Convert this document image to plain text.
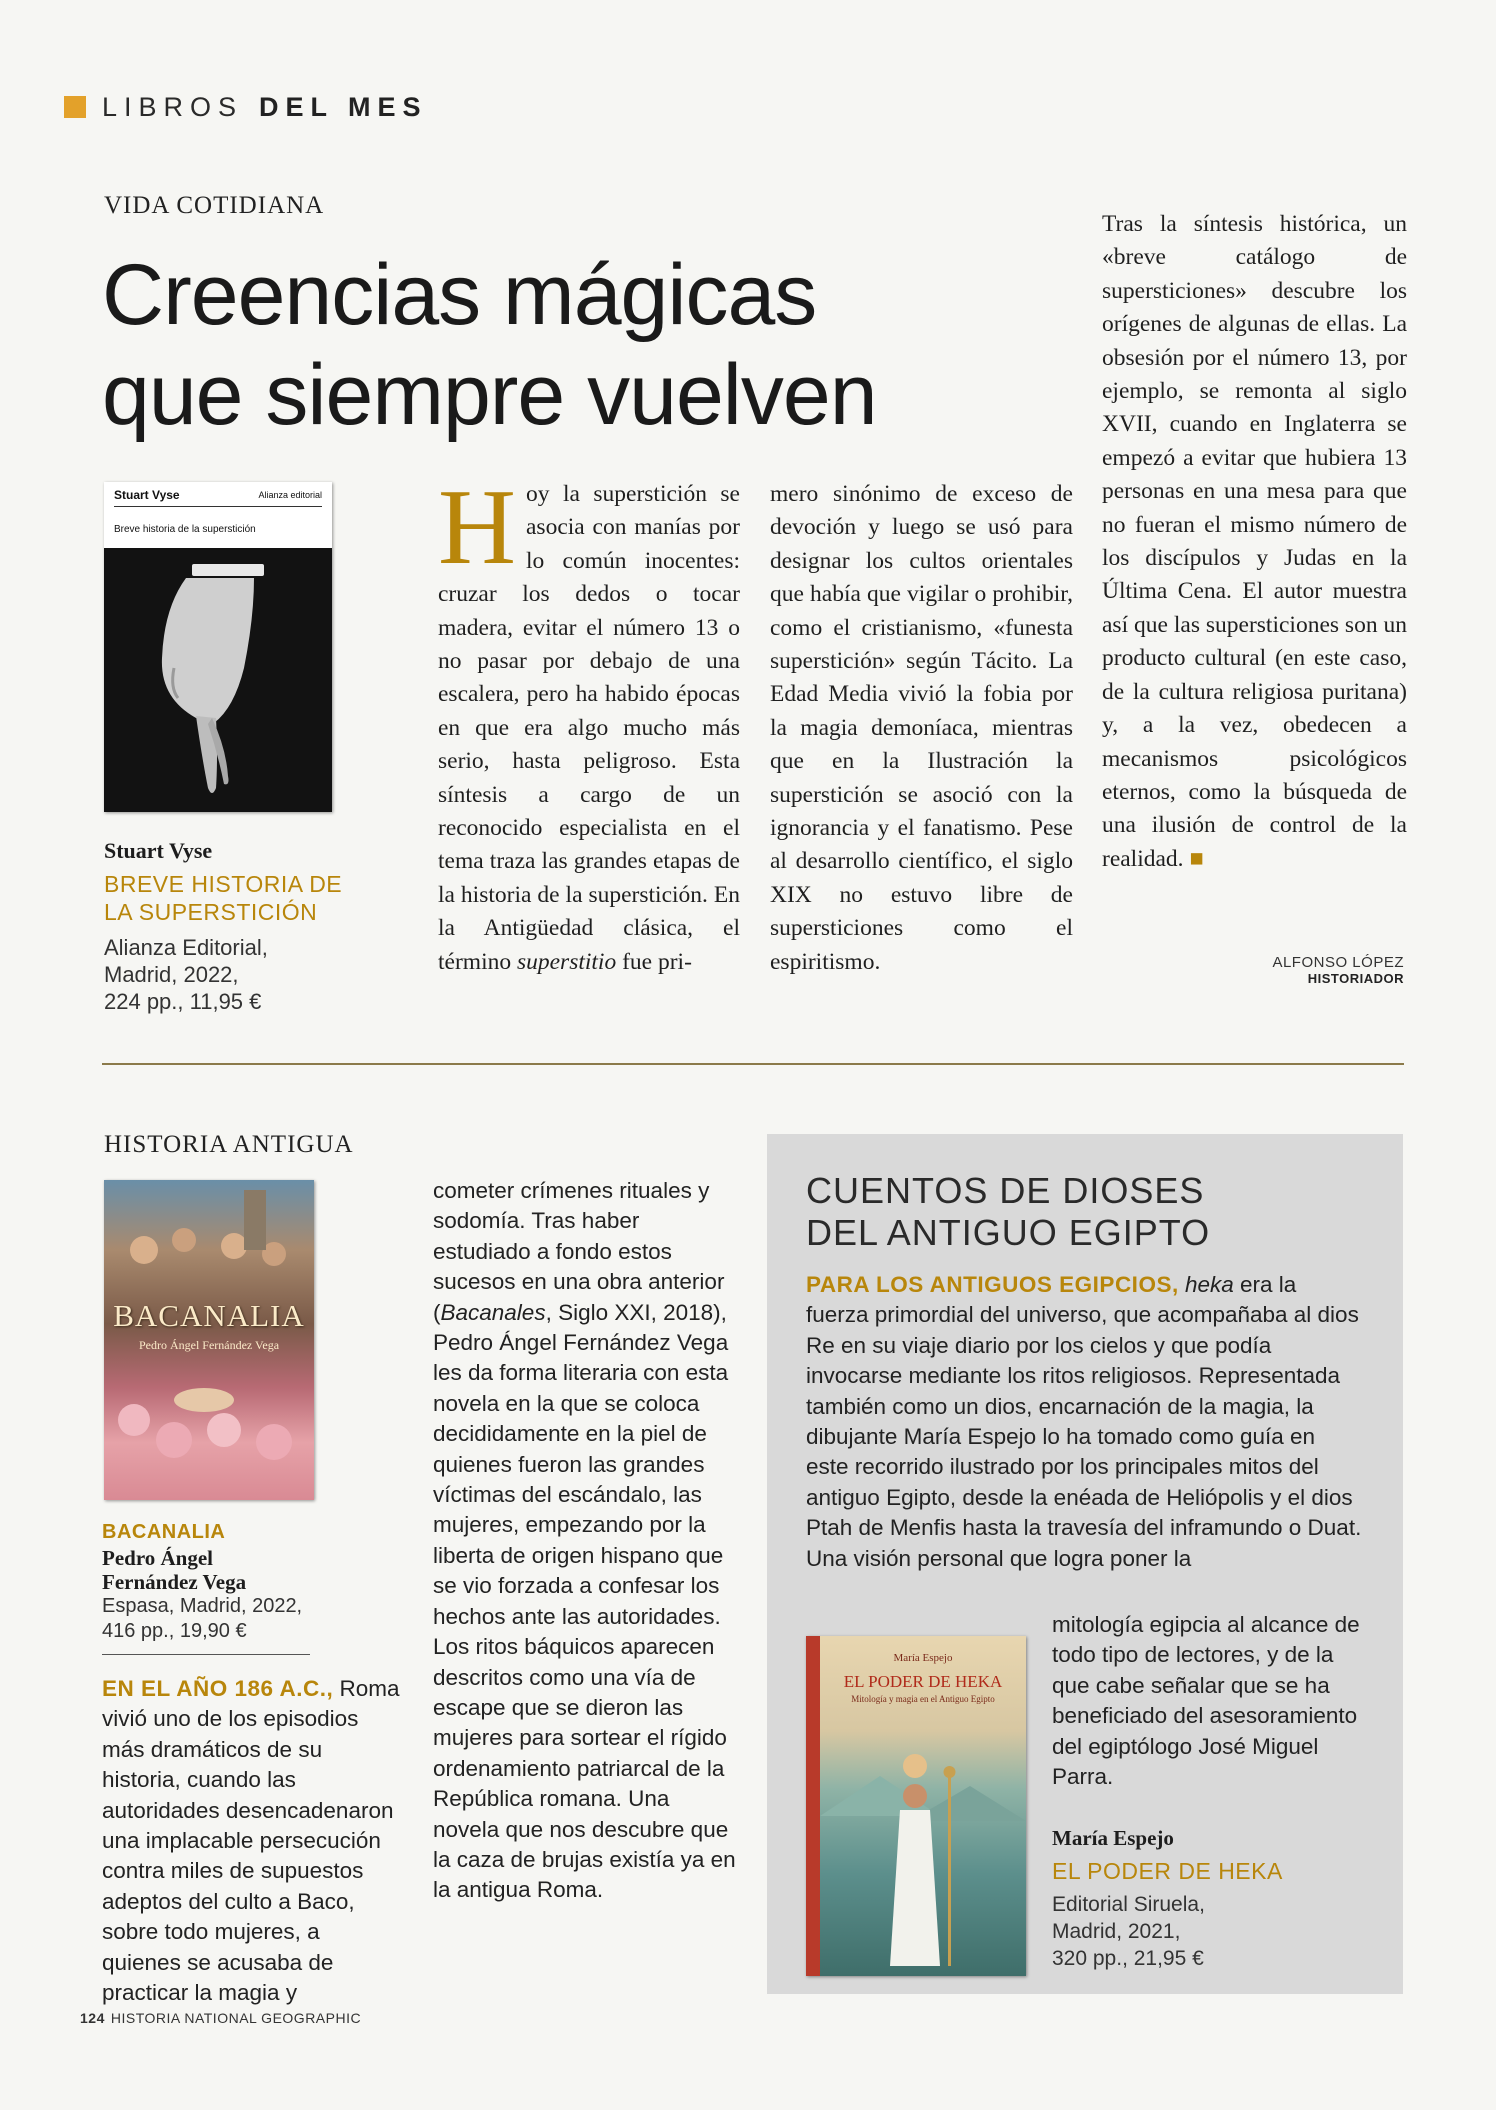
LIBROS DEL MES
VIDA COTIDIANA
Creencias mágicas
que siempre vuelven
Stuart Vyse	Alianza editorial
Breve historia de la superstición
Stuart Vyse
BREVE HISTORIA DE LA SUPERSTICIÓN
Alianza Editorial,
Madrid, 2022,
224 pp., 11,95 €
H oy la superstición se asocia con manías por lo común inocentes: cruzar los dedos o tocar madera, evitar el número 13 o no pasar por debajo de una escalera, pero ha habido épocas en que era algo mucho más serio, hasta peligroso. Esta síntesis a cargo de un reconocido especialista en el tema traza las grandes etapas de la historia de la superstición. En la Antigüedad clásica, el término superstitio fue pri-
mero sinónimo de exceso de devoción y luego se usó para designar los cultos orientales que había que vigilar o prohibir, como el cristianismo, «funesta superstición» según Tácito. La Edad Media vivió la fobia por la magia demoníaca, mientras que en la Ilustración la superstición se asoció con la ignorancia y el fanatismo. Pese al desarrollo científico, el siglo XIX no estuvo libre de supersticiones como el espiritismo.
Tras la síntesis histórica, un «breve catálogo de supersticiones» descubre los orígenes de algunas de ellas. La obsesión por el número 13, por ejemplo, se remonta al siglo XVII, cuando en Inglaterra se empezó a evitar que hubiera 13 personas en una mesa para que no fueran el mismo número de los discípulos y Judas en la Última Cena. El autor muestra así que las supersticiones son un producto cultural (en este caso, de la cultura religiosa puritana) y, a la vez, obedecen a mecanismos psicológicos eternos, como la búsqueda de una ilusión de control de la realidad. ■
ALFONSO LÓPEZ
HISTORIADOR
HISTORIA ANTIGUA
BACANALIA
Pedro Ángel Fernández Vega
BACANALIA
Pedro Ángel
Fernández Vega
Espasa, Madrid, 2022,
416 pp., 19,90 €
EN EL AÑO 186 A.C., Roma vivió uno de los episodios más dramáticos de su historia, cuando las autoridades desencadenaron una implacable persecución contra miles de supuestos adeptos del culto a Baco, sobre todo mujeres, a quienes se acusaba de practicar la magia y
cometer crímenes rituales y sodomía. Tras haber estudiado a fondo estos sucesos en una obra anterior (Bacanales, Siglo XXI, 2018), Pedro Ángel Fernández Vega les da forma literaria con esta novela en la que se coloca decididamente en la piel de quienes fueron las grandes víctimas del escándalo, las mujeres, empezando por la liberta de origen hispano que se vio forzada a confesar los hechos ante las autoridades. Los ritos báquicos aparecen descritos como una vía de escape que se dieron las mujeres para sortear el rígido ordenamiento patriarcal de la República romana. Una novela que nos descubre que la caza de brujas existía ya en la antigua Roma.
CUENTOS DE DIOSES
DEL ANTIGUO EGIPTO
PARA LOS ANTIGUOS EGIPCIOS, heka era la fuerza primordial del universo, que acompañaba al dios Re en su viaje diario por los cielos y que podía invocarse mediante los ritos religiosos. Representada también como un dios, encarnación de la magia, la dibujante María Espejo lo ha tomado como guía en este recorrido ilustrado por los principales mitos del antiguo Egipto, desde la enéada de Heliópolis y el dios Ptah de Menfis hasta la travesía del inframundo o Duat. Una visión personal que logra poner la
mitología egipcia al alcance de todo tipo de lectores, y de la que cabe señalar que se ha beneficiado del asesoramiento del egiptólogo José Miguel Parra.
María Espejo
EL PODER DE HEKA
Mitología y magia en el Antiguo Egipto
María Espejo
EL PODER DE HEKA
Editorial Siruela,
Madrid, 2021,
320 pp., 21,95 €
124 HISTORIA NATIONAL GEOGRAPHIC
